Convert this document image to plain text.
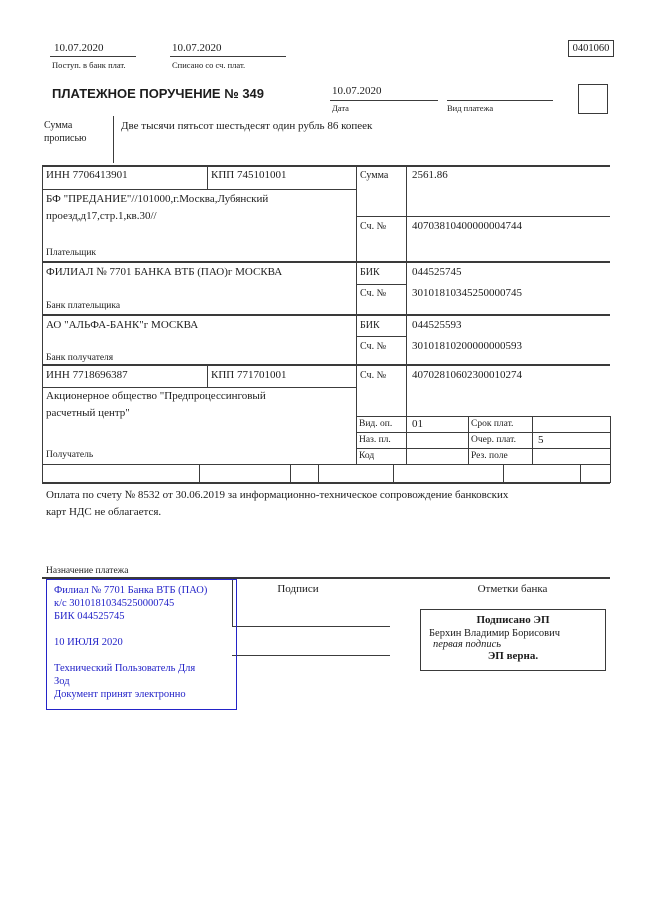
10.07.2020
Поступ. в банк плат.
10.07.2020
Списано со сч. плат.
0401060
ПЛАТЕЖНОЕ ПОРУЧЕНИЕ № 349	10.07.2020
Дата	Вид платежа
Сумма прописью
Две тысячи пятьсот шестьдесят один рубль 86 копеек
ИНН 7706413901	КПП 745101001	Сумма 2561.86
БФ "ПРЕДАНИЕ"//101000,г.Москва,Лубянский
проезд,д17,стр.1,кв.30//
Сч. № 40703810400000004744
Плательщик
ФИЛИАЛ № 7701 БАНКА ВТБ (ПАО)г МОСКВА	БИК	044525745
Сч. № 30101810345250000745
Банк плательщика
АО "АЛЬФА-БАНК"г МОСКВА	БИК	044525593
Сч. № 30101810200000000593
Банк получателя
ИНН 7718696387	КПП 771701001	Сч. № 40702810602300010274
Акционерное общество "Предпроцессинговый
расчетный центр"
Получатель
Вид. оп. 01	Срок плат.
Наз. пл.	Очер. плат. 5
Код	Рез. поле
Оплата по счету № 8532 от 30.06.2019 за информационно-техническое сопровождение банковских
карт НДС не облагается.
Назначение платежа
Подписи	Отметки банка
Филиал № 7701 Банка ВТБ (ПАО)
к/с 30101810345250000745
БИК 044525745
10 ИЮЛЯ 2020
Технический Пользователь Для
Зод
Документ принят электронно
Подписано ЭП
Берхин Владимир Борисович
первая подпись
ЭП верна.
